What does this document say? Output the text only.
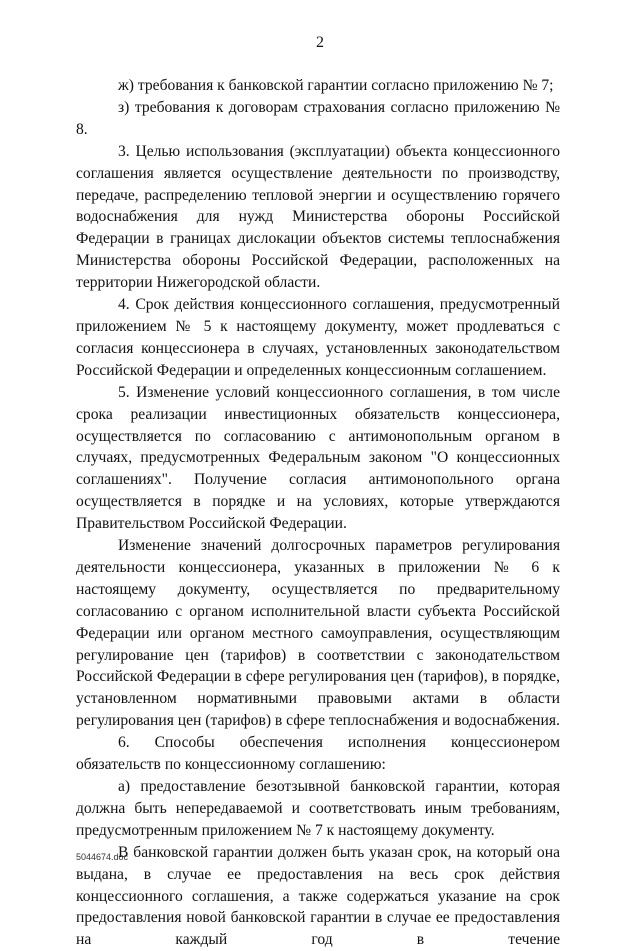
2

ж) требования к банковской гарантии согласно приложению № 7;

з) требования к договорам страхования согласно приложению № 8.

3. Целью использования (эксплуатации) объекта концессионного соглашения является осуществление деятельности по производству, передаче, распределению тепловой энергии и осуществлению горячего водоснабжения для нужд Министерства обороны Российской Федерации в границах дислокации объектов системы теплоснабжения Министерства обороны Российской Федерации, расположенных на территории Нижегородской области.

4. Срок действия концессионного соглашения, предусмотренный приложением № 5 к настоящему документу, может продлеваться с согласия концессионера в случаях, установленных законодательством Российской Федерации и определенных концессионным соглашением.

5. Изменение условий концессионного соглашения, в том числе срока реализации инвестиционных обязательств концессионера, осуществляется по согласованию с антимонопольным органом в случаях, предусмотренных Федеральным законом "О концессионных соглашениях". Получение согласия антимонопольного органа осуществляется в порядке и на условиях, которые утверждаются Правительством Российской Федерации.

Изменение значений долгосрочных параметров регулирования деятельности концессионера, указанных в приложении № 6 к настоящему документу, осуществляется по предварительному согласованию с органом исполнительной власти субъекта Российской Федерации или органом местного самоуправления, осуществляющим регулирование цен (тарифов) в соответствии с законодательством Российской Федерации в сфере регулирования цен (тарифов), в порядке, установленном нормативными правовыми актами в области регулирования цен (тарифов) в сфере теплоснабжения и водоснабжения.

6. Способы обеспечения исполнения концессионером обязательств по концессионному соглашению:

а) предоставление безотзывной банковской гарантии, которая должна быть непередаваемой и соответствовать иным требованиям, предусмотренным приложением № 7 к настоящему документу.

В банковской гарантии должен быть указан срок, на который она выдана, в случае ее предоставления на весь срок действия концессионного соглашения, а также содержаться указание на срок предоставления новой банковской гарантии в случае ее предоставления на каждый год в течение

5044674.doc
